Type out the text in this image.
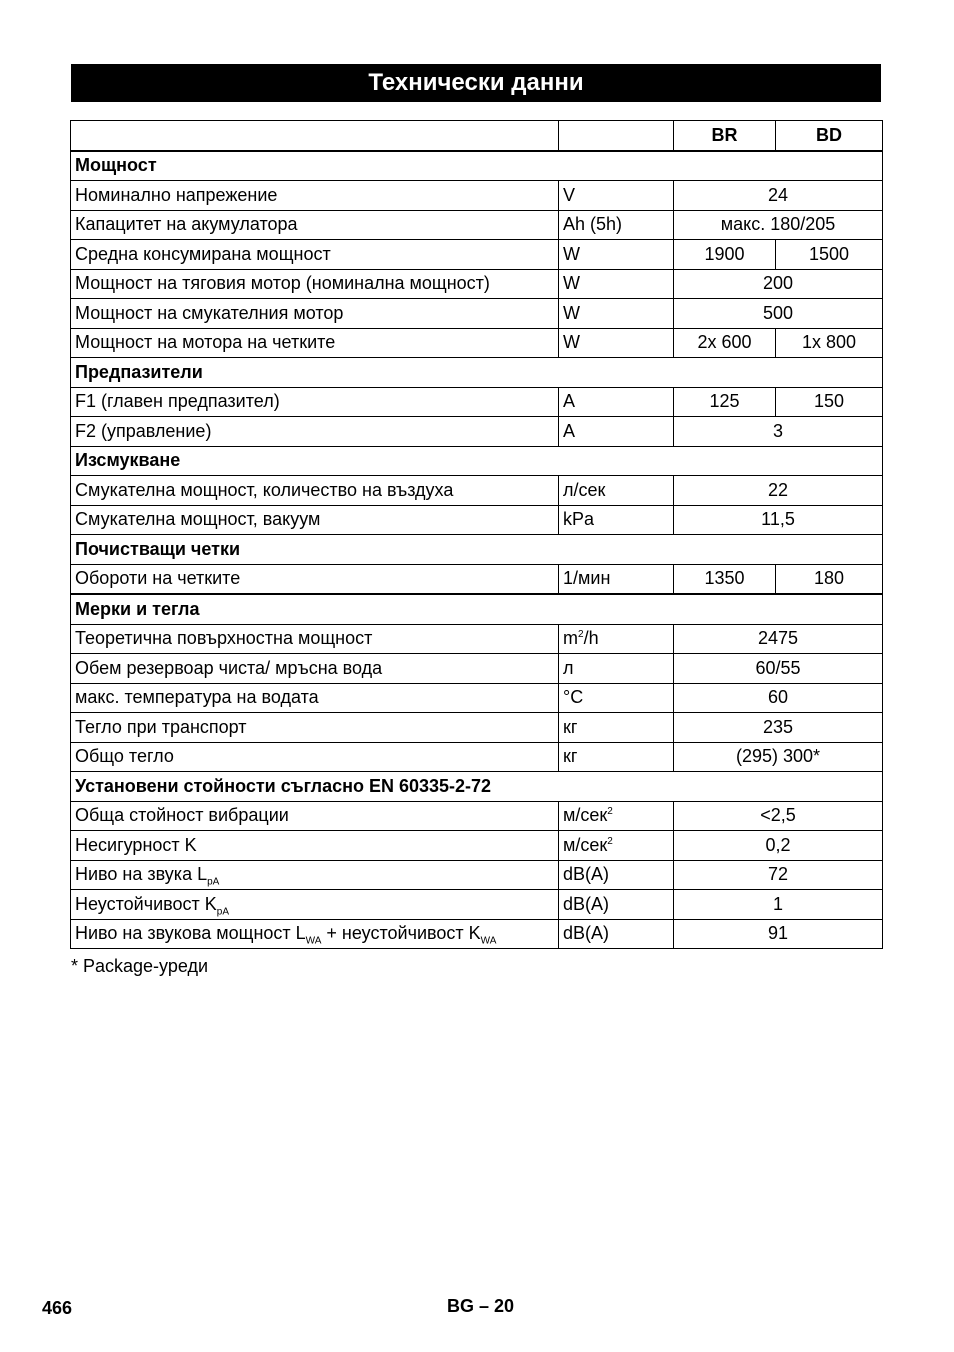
Технически данни
		BR	BD
Мощност			
Номинално напрежение	V	24	
Капацитет на акумулатора	Ah (5h)	макс. 180/205	
Средна консумирана мощност	W	1900	1500
Мощност на тяговия мотор (номинална мощност)	W	200	
Мощност на смукателния мотор	W	500	
Мощност на мотора на четките	W	2x 600	1x 800
Предпазители			
F1 (главен предпазител)	A	125	150
F2 (управление)	A	3	
Изсмукване			
Смукателна мощност, количество на въздуха	л/сек	22	
Смукателна мощност, вакуум	kPa	11,5	
Почистващи четки			
Обороти на четките	1/мин	1350	180
Мерки и тегла			
Теоретична повърхностна мощност	$m^2/h$	2475	
Обем резервоар чиста/ мръсна вода	л	60/55	
макс. температура на водата	°C	60	
Тегло при транспорт	кг	235	
Общо тегло	кг	(295) 300*	
Установени стойности съгласно EN 60335-2-72			
Обща стойност вибрации	м/сек$^2$	<2,5	
Несигурност K	м/сек$^2$	0,2	
Ниво на звука $L_{pA}$	dB(A)	72	
Неустойчивост $K_{pA}$	dB(A)	1	
Ниво на звукова мощност $L_{WA}$ + неустойчивост $K_{WA}$	dB(A)	91	
* Package-уреди
466	BG – 20
